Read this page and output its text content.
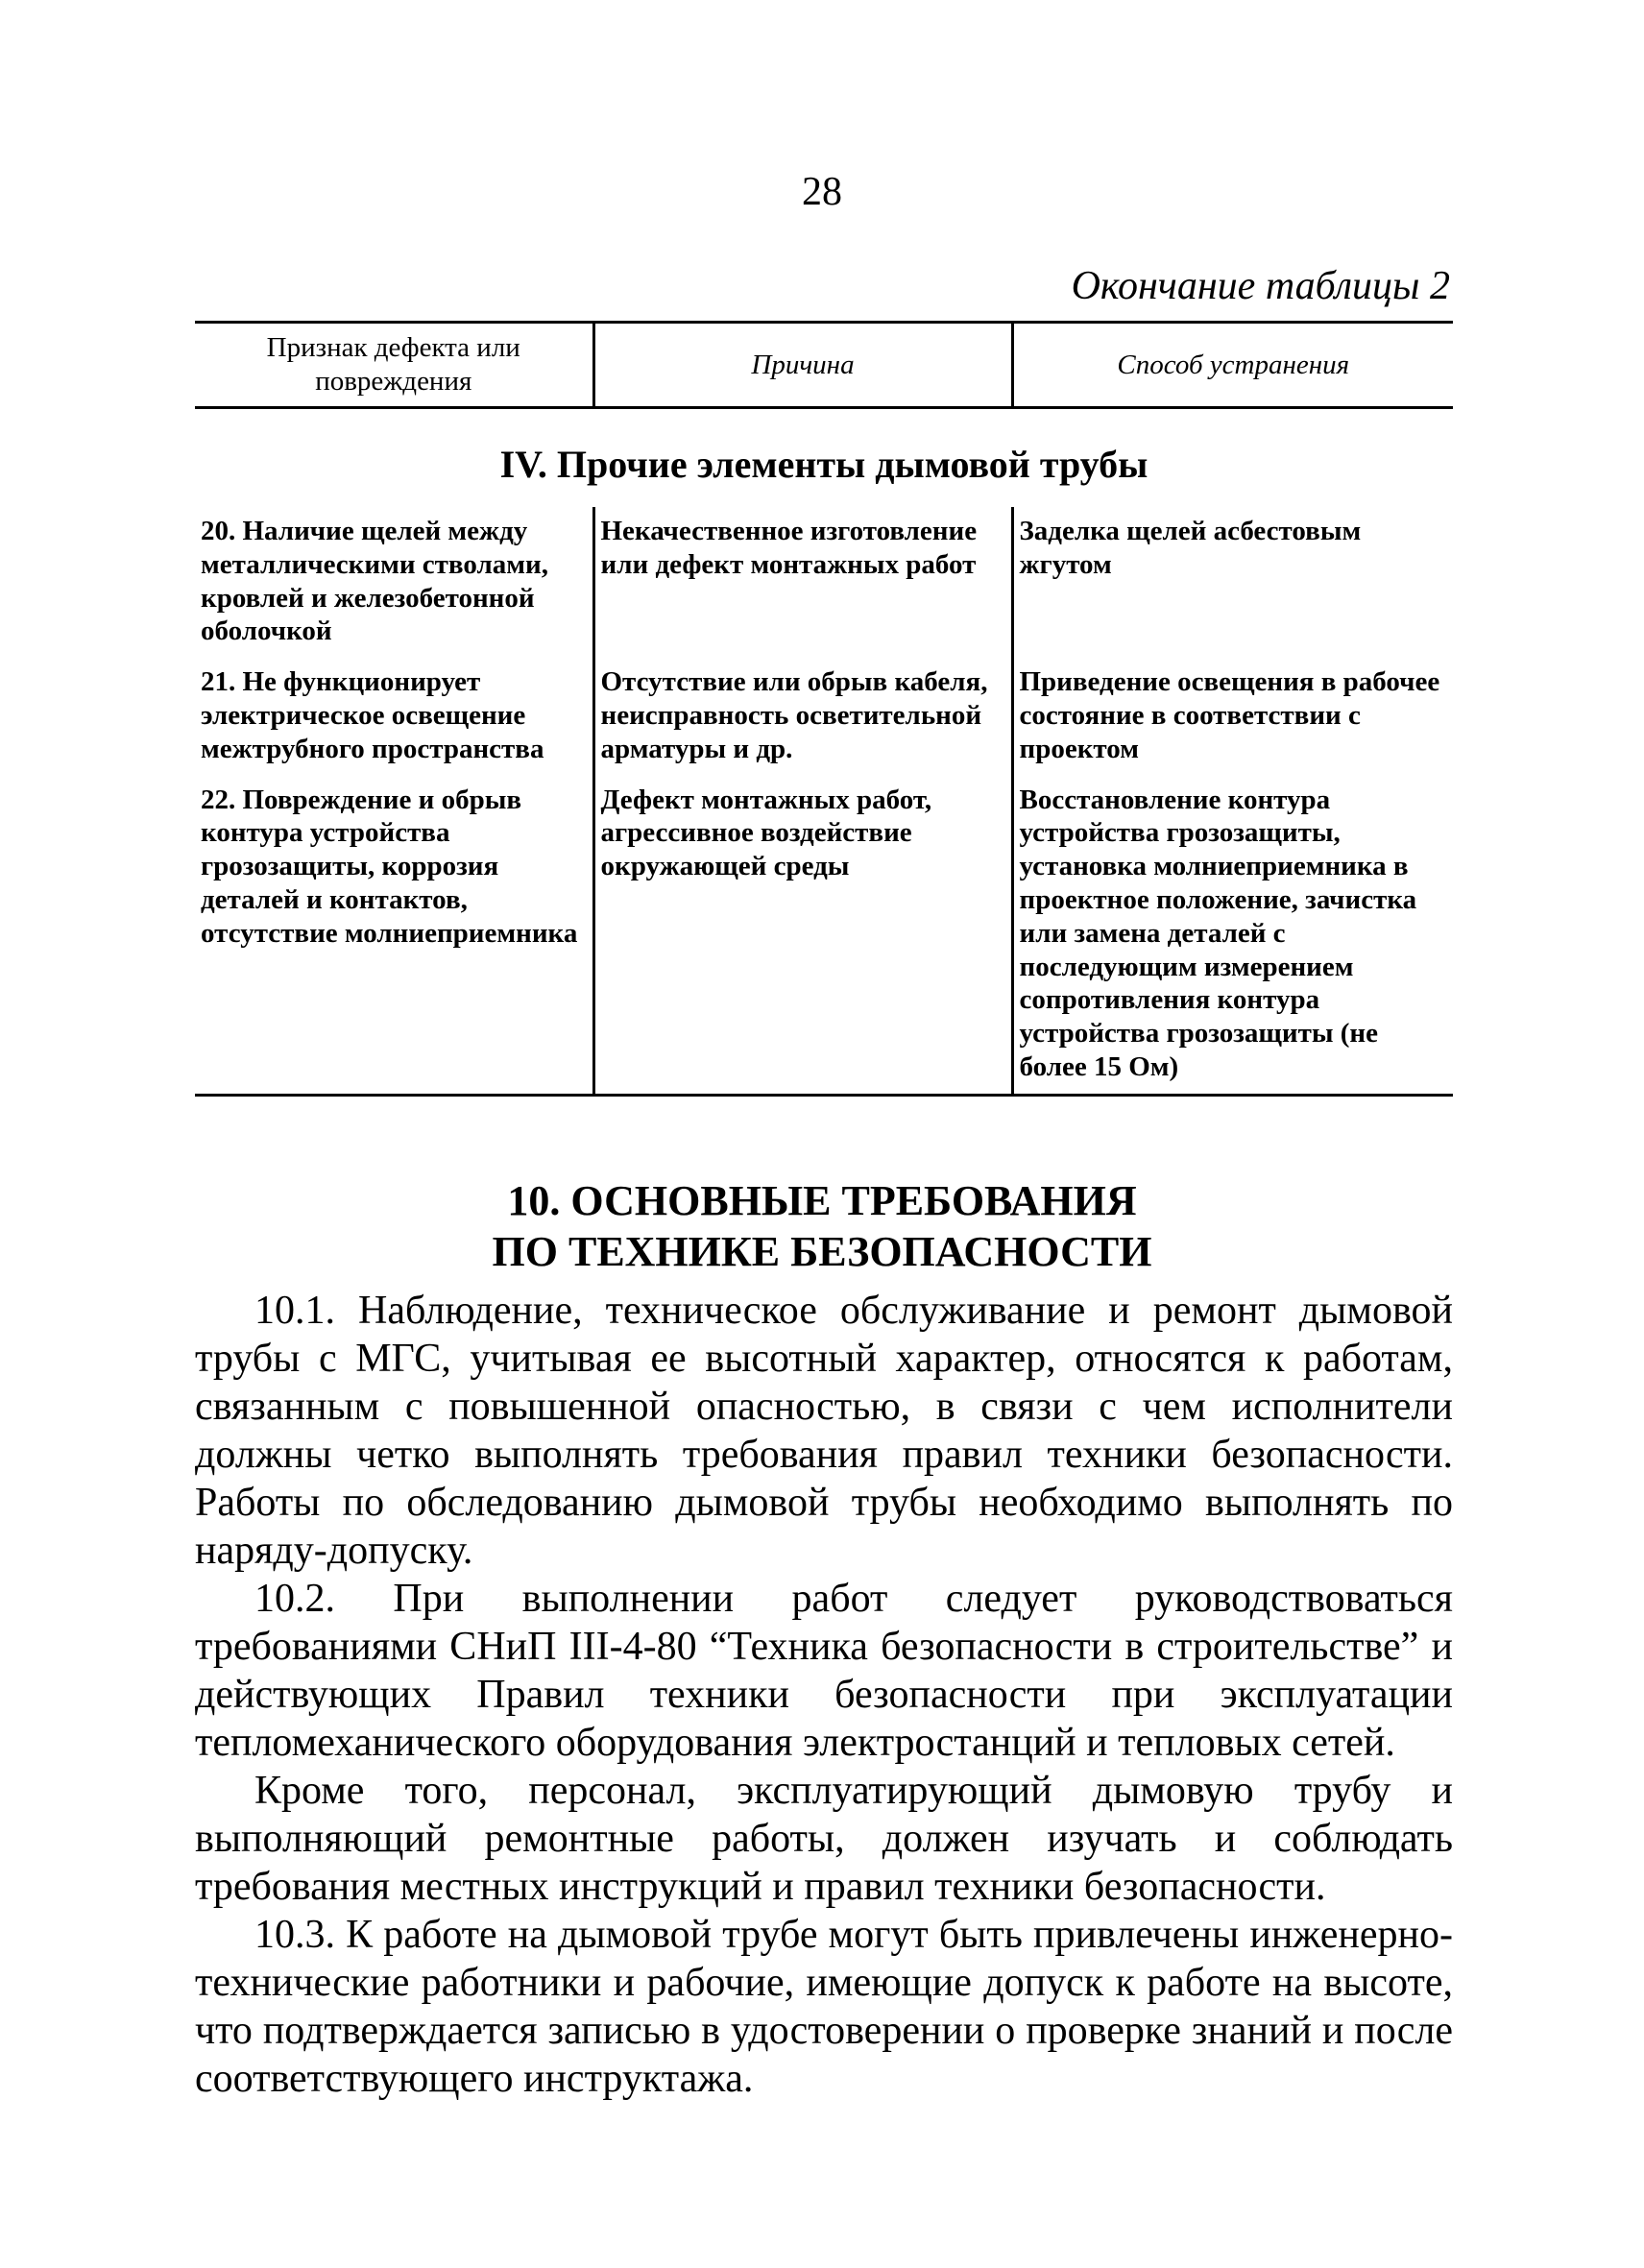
28
Окончание таблицы 2
Признак дефекта или повреждения	Причина	Способ устранения
IV. Прочие элементы дымовой трубы		
20. Наличие щелей между металлическими стволами, кровлей и железобетонной оболочкой	Некачественное изготовление или дефект монтажных работ	Заделка щелей асбестовым жгутом
21. Не функционирует электрическое освещение межтрубного пространства	Отсутствие или обрыв кабеля, неисправность осветительной арматуры и др.	Приведение освещения в рабочее состояние в соответствии с проектом
22. Повреждение и обрыв контура устройства грозозащиты, коррозия деталей и контактов, отсутствие молниеприемника	Дефект монтажных работ, агрессивное воздействие окружающей среды	Восстановление контура устройства грозозащиты, установка молниеприемника в проектное положение, зачистка или замена деталей с последующим измерением сопротивления контура устройства грозозащиты (не более 15 Ом)
10. ОСНОВНЫЕ ТРЕБОВАНИЯ
ПО ТЕХНИКЕ БЕЗОПАСНОСТИ

10.1. Наблюдение, техническое обслуживание и ремонт дымовой трубы с МГС, учитывая ее высотный характер, относятся к работам, связанным с повышенной опасностью, в связи с чем исполнители должны четко выполнять требования правил техники безопасности. Работы по обследованию дымовой трубы необходимо выполнять по наряду-допуску.

10.2. При выполнении работ следует руководствоваться требованиями СНиП III-4-80 “Техника безопасности в строительстве” и действующих Правил техники безопасности при эксплуатации тепломеханического оборудования электростанций и тепловых сетей.

Кроме того, персонал, эксплуатирующий дымовую трубу и выполняющий ремонтные работы, должен изучать и соблюдать требования местных инструкций и правил техники безопасности.

10.3. К работе на дымовой трубе могут быть привлечены инженерно-технические работники и рабочие, имеющие допуск к работе на высоте, что подтверждается записью в удостоверении о проверке знаний и после соответствующего инструктажа.
